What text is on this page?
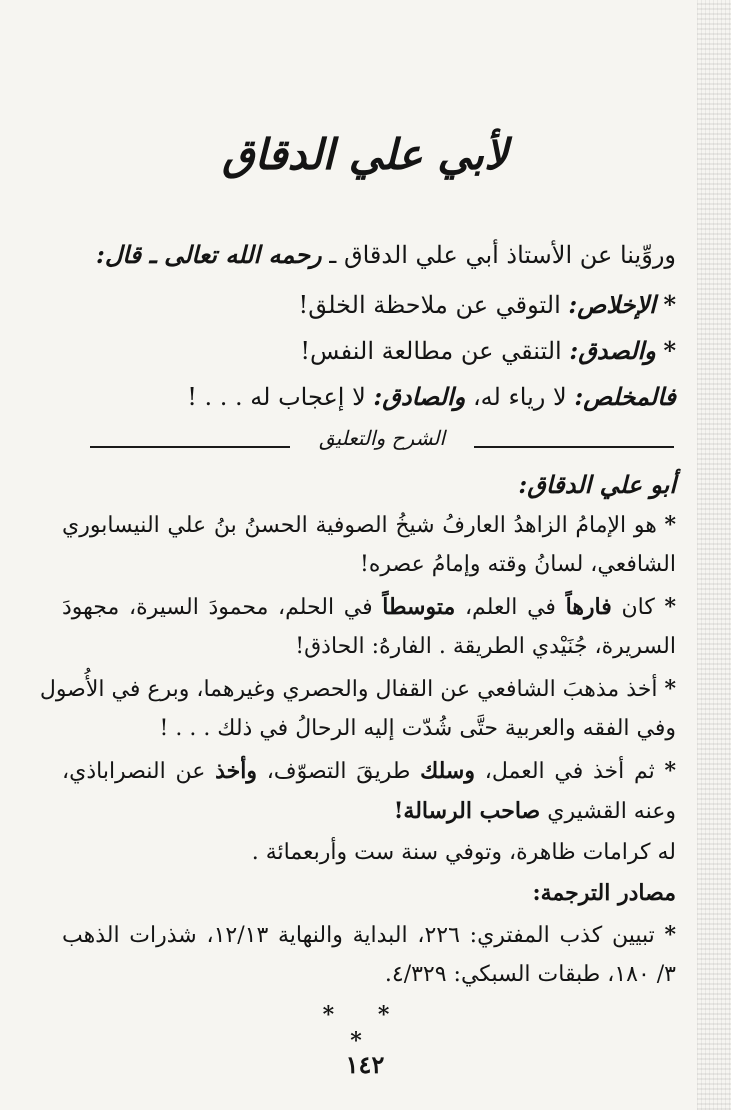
لأبي علي الدقاق
وروِّينا عن الأستاذ أبي علي الدقاق ـ رحمه الله تعالى ـ قال:
* الإخلاص: التوقي عن ملاحظة الخلق!
* والصدق: التنقي عن مطالعة النفس!
فالمخلص: لا رياء له، والصادق: لا إعجاب له . . . !
الشرح والتعليق
أبو علي الدقاق:
* هو الإمامُ الزاهدُ العارفُ شيخُ الصوفية الحسنُ بنُ علي النيسابوري
الشافعي، لسانُ وقته وإمامُ عصره!
* كان فارهاً في العلم، متوسطاً في الحلم، محمودَ السيرة، مجهودَ
السريرة، جُنَيْدي الطريقة . الفارهُ: الحاذق!
* أخذ مذهبَ الشافعي عن القفال والحصري وغيرهما، وبرع في الأُصول
وفي الفقه والعربية حتَّى شُدّت إليه الرحالُ في ذلك . . . !
* ثم أخذ في العمل، وسلك طريقَ التصوّف، وأخذ عن النصراباذي،
وعنه القشيري صاحب الرسالة!
له كرامات ظاهرة، وتوفي سنة ست وأربعمائة .
مصادر الترجمة:
* تبيين كذب المفتري: ٢٢٦، البداية والنهاية ١٢/١٣، شذرات الذهب
٣/ ١٨٠، طبقات السبكي: ٤/٣٢٩.
* * *
١٤٢
